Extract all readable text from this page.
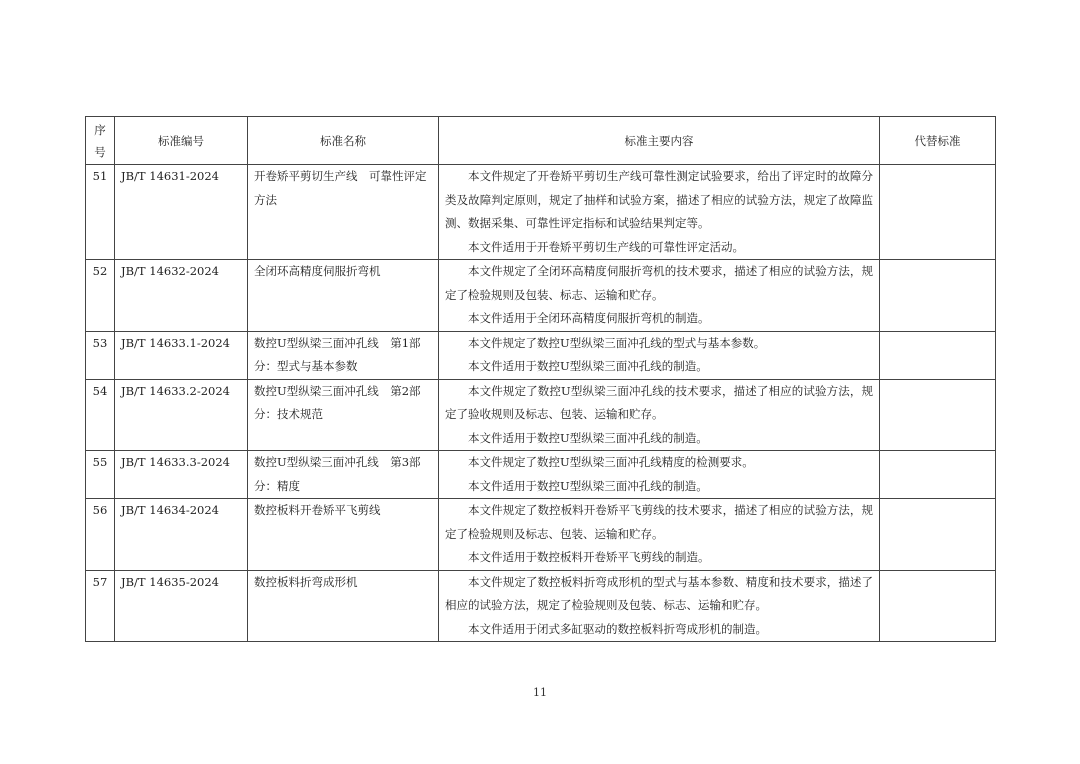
序号	标准编号	标准名称	标准主要内容	代替标准
51	JB/T 14631-2024	开卷矫平剪切生产线　可靠性评定方法	本文件规定了开卷矫平剪切生产线可靠性测定试验要求，给出了评定时的故障分类及故障判定原则，规定了抽样和试验方案，描述了相应的试验方法，规定了故障监测、数据采集、可靠性评定指标和试验结果判定等。
本文件适用于开卷矫平剪切生产线的可靠性评定活动。	

52	JB/T 14632-2024	全闭环高精度伺服折弯机	本文件规定了全闭环高精度伺服折弯机的技术要求，描述了相应的试验方法，规定了检验规则及包装、标志、运输和贮存。
本文件适用于全闭环高精度伺服折弯机的制造。	

53	JB/T 14633.1-2024	数控U型纵梁三面冲孔线　第1部分：型式与基本参数	本文件规定了数控U型纵梁三面冲孔线的型式与基本参数。
本文件适用于数控U型纵梁三面冲孔线的制造。	

54	JB/T 14633.2-2024	数控U型纵梁三面冲孔线　第2部分：技术规范	本文件规定了数控U型纵梁三面冲孔线的技术要求，描述了相应的试验方法，规定了验收规则及标志、包装、运输和贮存。
本文件适用于数控U型纵梁三面冲孔线的制造。	

55	JB/T 14633.3-2024	数控U型纵梁三面冲孔线　第3部分：精度	本文件规定了数控U型纵梁三面冲孔线精度的检测要求。
本文件适用于数控U型纵梁三面冲孔线的制造。	

56	JB/T 14634-2024	数控板料开卷矫平飞剪线	本文件规定了数控板料开卷矫平飞剪线的技术要求，描述了相应的试验方法，规定了检验规则及标志、包装、运输和贮存。
本文件适用于数控板料开卷矫平飞剪线的制造。	

57	JB/T 14635-2024	数控板料折弯成形机	本文件规定了数控板料折弯成形机的型式与基本参数、精度和技术要求，描述了相应的试验方法，规定了检验规则及包装、标志、运输和贮存。
本文件适用于闭式多缸驱动的数控板料折弯成形机的制造。	

11
